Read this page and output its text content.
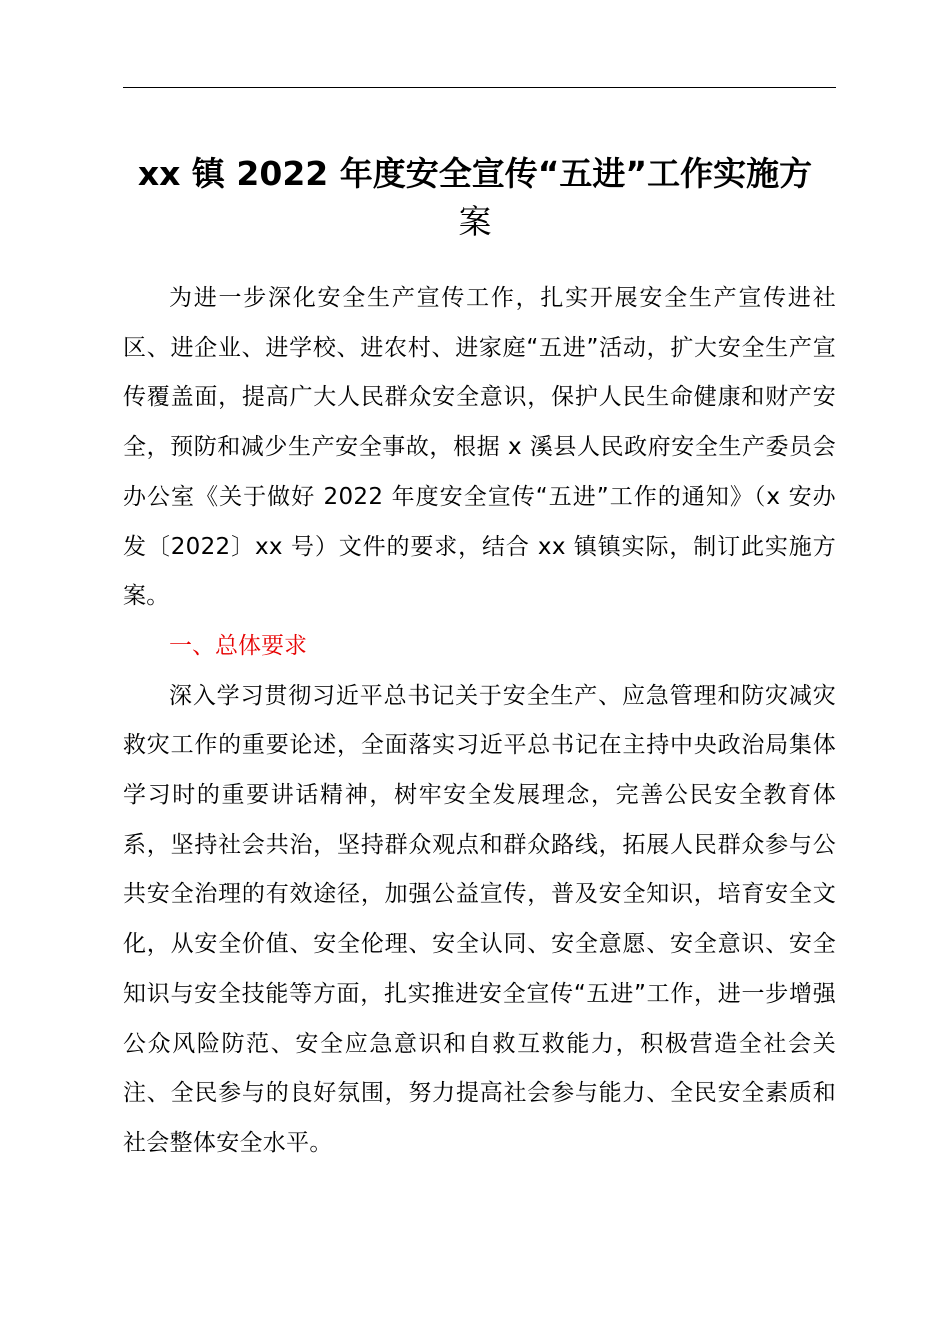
xx 镇 2022 年度安全宣传“五进”工作实施方
案

为进一步深化安全生产宣传工作，扎实开展安全生产宣传进社区、进企业、进学校、进农村、进家庭“五进”活动，扩大安全生产宣传覆盖面，提高广大人民群众安全意识，保护人民生命健康和财产安全，预防和减少生产安全事故，根据 x 溪县人民政府安全生产委员会办公室《关于做好 2022 年度安全宣传“五进”工作的通知》（x 安办发〔2022〕xx 号）文件的要求，结合 xx 镇镇实际，制订此实施方案。

一、总体要求

深入学习贯彻习近平总书记关于安全生产、应急管理和防灾减灾救灾工作的重要论述，全面落实习近平总书记在主持中央政治局集体学习时的重要讲话精神，树牢安全发展理念，完善公民安全教育体系，坚持社会共治，坚持群众观点和群众路线，拓展人民群众参与公共安全治理的有效途径，加强公益宣传，普及安全知识，培育安全文化，从安全价值、安全伦理、安全认同、安全意愿、安全意识、安全知识与安全技能等方面，扎实推进安全宣传“五进”工作，进一步增强公众风险防范、安全应急意识和自救互救能力，积极营造全社会关注、全民参与的良好氛围，努力提高社会参与能力、全民安全素质和社会整体安全水平。
